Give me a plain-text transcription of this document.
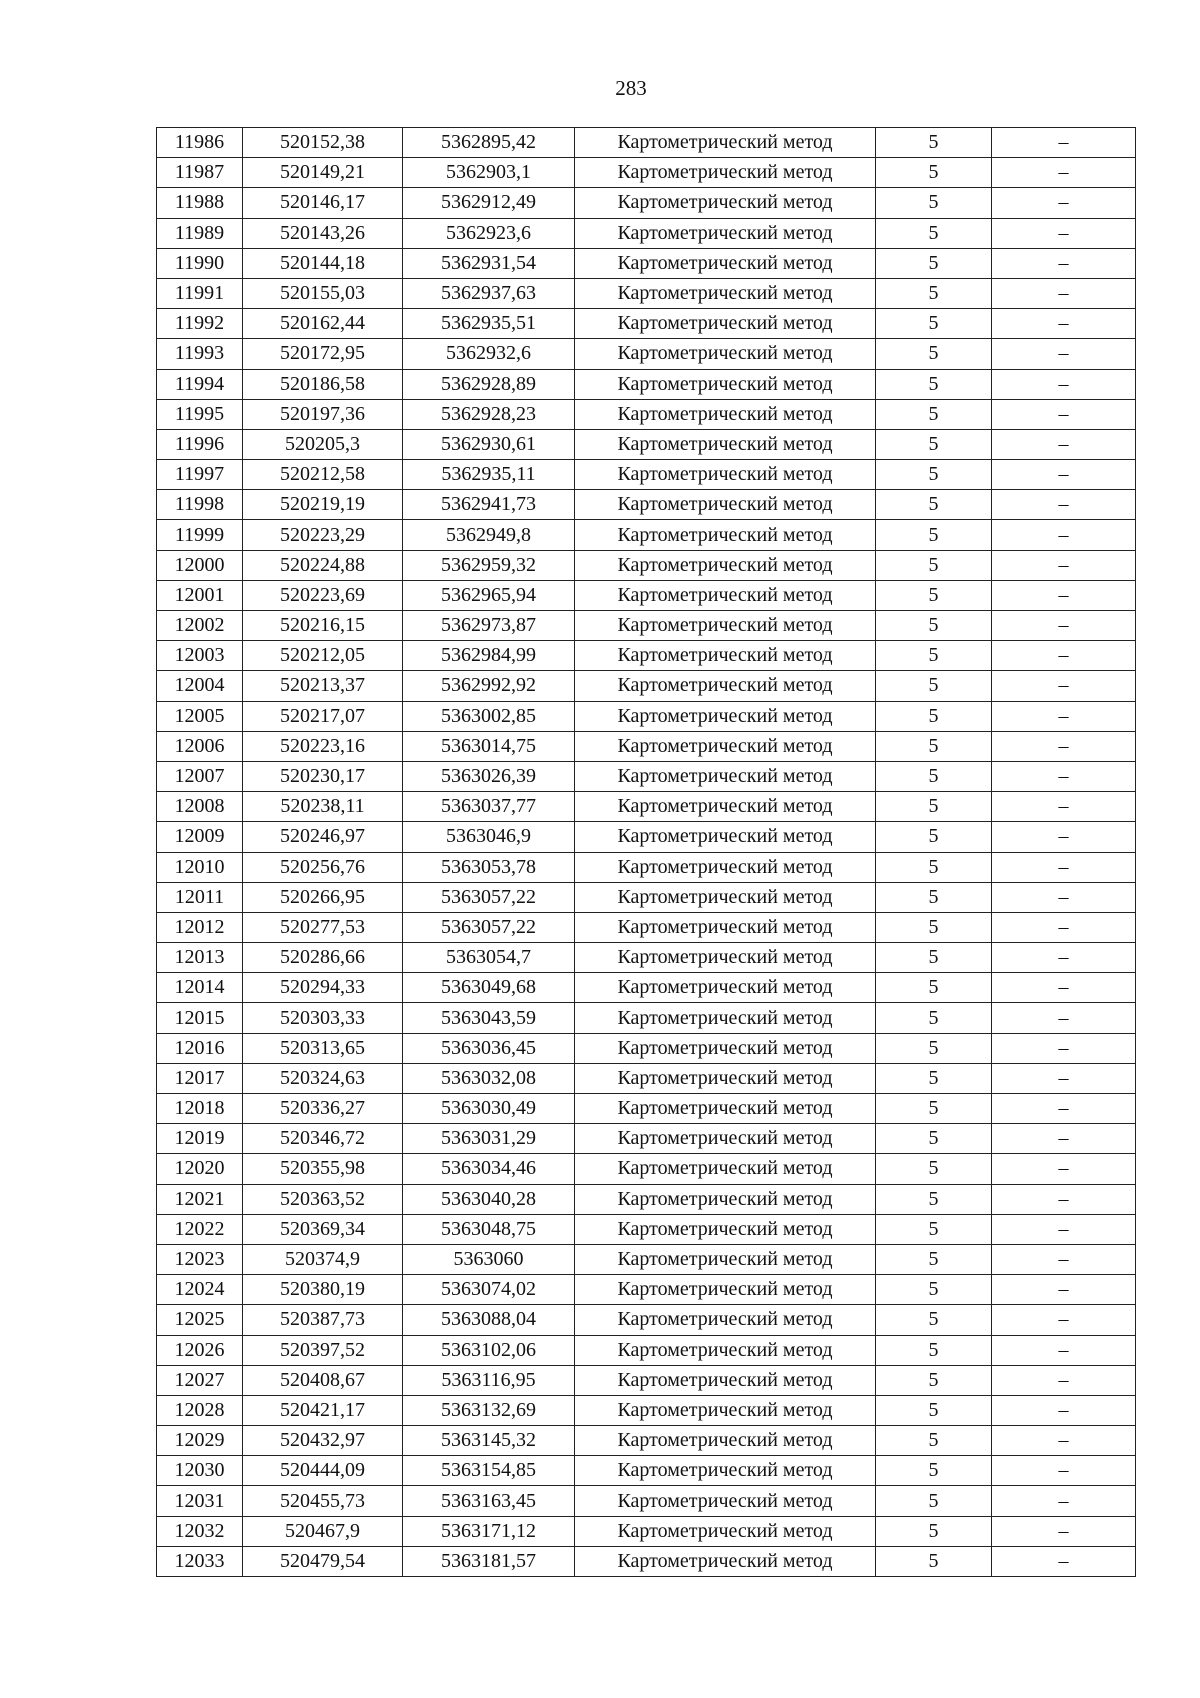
283
11986	520152,38	5362895,42	Картометрический метод	5	–
11987	520149,21	5362903,1	Картометрический метод	5	–
11988	520146,17	5362912,49	Картометрический метод	5	–
11989	520143,26	5362923,6	Картометрический метод	5	–
11990	520144,18	5362931,54	Картометрический метод	5	–
11991	520155,03	5362937,63	Картометрический метод	5	–
11992	520162,44	5362935,51	Картометрический метод	5	–
11993	520172,95	5362932,6	Картометрический метод	5	–
11994	520186,58	5362928,89	Картометрический метод	5	–
11995	520197,36	5362928,23	Картометрический метод	5	–
11996	520205,3	5362930,61	Картометрический метод	5	–
11997	520212,58	5362935,11	Картометрический метод	5	–
11998	520219,19	5362941,73	Картометрический метод	5	–
11999	520223,29	5362949,8	Картометрический метод	5	–
12000	520224,88	5362959,32	Картометрический метод	5	–
12001	520223,69	5362965,94	Картометрический метод	5	–
12002	520216,15	5362973,87	Картометрический метод	5	–
12003	520212,05	5362984,99	Картометрический метод	5	–
12004	520213,37	5362992,92	Картометрический метод	5	–
12005	520217,07	5363002,85	Картометрический метод	5	–
12006	520223,16	5363014,75	Картометрический метод	5	–
12007	520230,17	5363026,39	Картометрический метод	5	–
12008	520238,11	5363037,77	Картометрический метод	5	–
12009	520246,97	5363046,9	Картометрический метод	5	–
12010	520256,76	5363053,78	Картометрический метод	5	–
12011	520266,95	5363057,22	Картометрический метод	5	–
12012	520277,53	5363057,22	Картометрический метод	5	–
12013	520286,66	5363054,7	Картометрический метод	5	–
12014	520294,33	5363049,68	Картометрический метод	5	–
12015	520303,33	5363043,59	Картометрический метод	5	–
12016	520313,65	5363036,45	Картометрический метод	5	–
12017	520324,63	5363032,08	Картометрический метод	5	–
12018	520336,27	5363030,49	Картометрический метод	5	–
12019	520346,72	5363031,29	Картометрический метод	5	–
12020	520355,98	5363034,46	Картометрический метод	5	–
12021	520363,52	5363040,28	Картометрический метод	5	–
12022	520369,34	5363048,75	Картометрический метод	5	–
12023	520374,9	5363060	Картометрический метод	5	–
12024	520380,19	5363074,02	Картометрический метод	5	–
12025	520387,73	5363088,04	Картометрический метод	5	–
12026	520397,52	5363102,06	Картометрический метод	5	–
12027	520408,67	5363116,95	Картометрический метод	5	–
12028	520421,17	5363132,69	Картометрический метод	5	–
12029	520432,97	5363145,32	Картометрический метод	5	–
12030	520444,09	5363154,85	Картометрический метод	5	–
12031	520455,73	5363163,45	Картометрический метод	5	–
12032	520467,9	5363171,12	Картометрический метод	5	–
12033	520479,54	5363181,57	Картометрический метод	5	–
